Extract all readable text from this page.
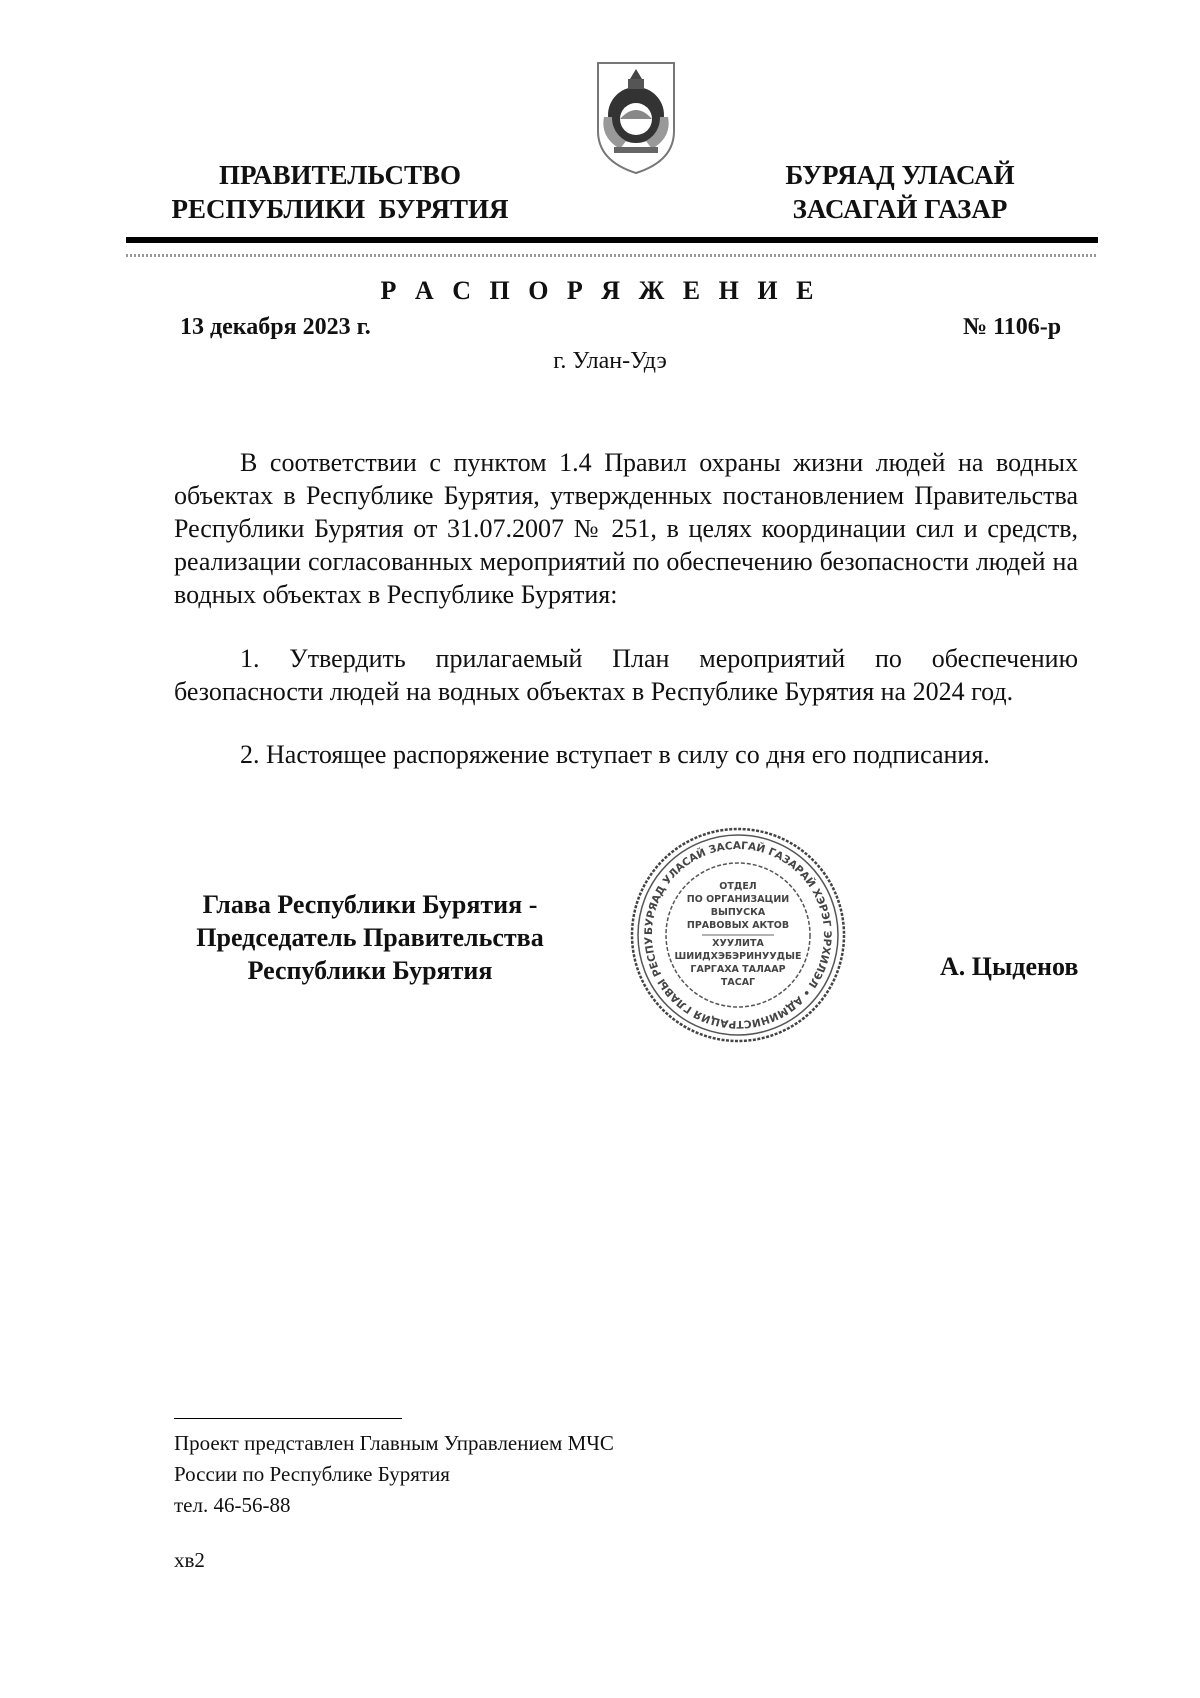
ПРАВИТЕЛЬСТВО
РЕСПУБЛИКИ  БУРЯТИЯ
БУРЯАД УЛАСАЙ
ЗАСАГАЙ ГАЗАР
Р А С П О Р Я Ж Е Н И Е
13 декабря 2023 г.	№ 1106-р
г. Улан-Удэ
В соответствии с пунктом 1.4 Правил охраны жизни людей на водных объектах в Республике Бурятия, утвержденных постановлением Правительства Республики Бурятия от 31.07.2007 № 251, в целях координации сил и средств, реализации согласованных мероприятий по обеспечению безопасности людей на водных объектах в Республике Бурятия:
1. Утвердить прилагаемый План мероприятий по обеспечению безопасности людей на водных объектах в Республике Бурятия на 2024 год.
2. Настоящее распоряжение вступает в силу со дня его подписания.
Глава Республики Бурятия -
Председатель Правительства
Республики Бурятия
БУРЯАД УЛАСАЙ ЗАСАГАЙ ГАЗАРАЙ ХЭРЭГ ЭРХИЛЭЛ • АДМИНИСТРАЦИЯ ГЛАВЫ РЕСПУ
ОТДЕЛ
ПО ОРГАНИЗАЦИИ
ВЫПУСКА
ПРАВОВЫХ АКТОВ
ХУУЛИТА
ШИИДХЭБЭРИНУУДЫЕ
ГАРГАХА ТАЛААР
ТАСАГ
А. Цыденов
Проект представлен Главным Управлением МЧС
России по Республике Бурятия
тел. 46-56-88
хв2
